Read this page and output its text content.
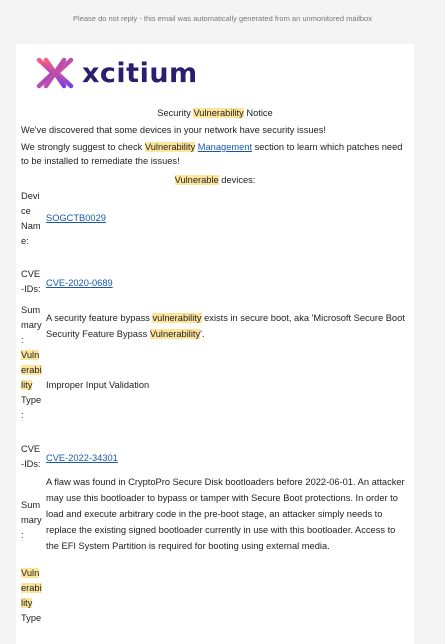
Please do not reply - this email was automatically generated from an unmonitored mailbox
xcitium
Security Vulnerability Notice
We've discovered that some devices in your network have security issues!
We strongly suggest to check Vulnerability Management section to learn which patches need to be installed to remediate the issues!
Vulnerable devices:
Devi
ce
Nam
e:
SOGCTB0029
CVE
-IDs:
CVE-2020-0689
Sum
mary
:
A security feature bypass vulnerability exists in secure boot, aka 'Microsoft Secure Boot Security Feature Bypass Vulnerability'.
Vuln
erabi
lity
Type
:
Improper Input Validation
CVE
-IDs:
CVE-2022-34301
Sum
mary
:
A flaw was found in CryptoPro Secure Disk bootloaders before 2022-06-01. An attacker may use this bootloader to bypass or tamper with Secure Boot protections. In order to load and execute arbitrary code in the pre-boot stage, an attacker simply needs to replace the existing signed bootloader currently in use with this bootloader. Access to the EFI System Partition is required for booting using external media.
Vuln
erabi
lity
Type
